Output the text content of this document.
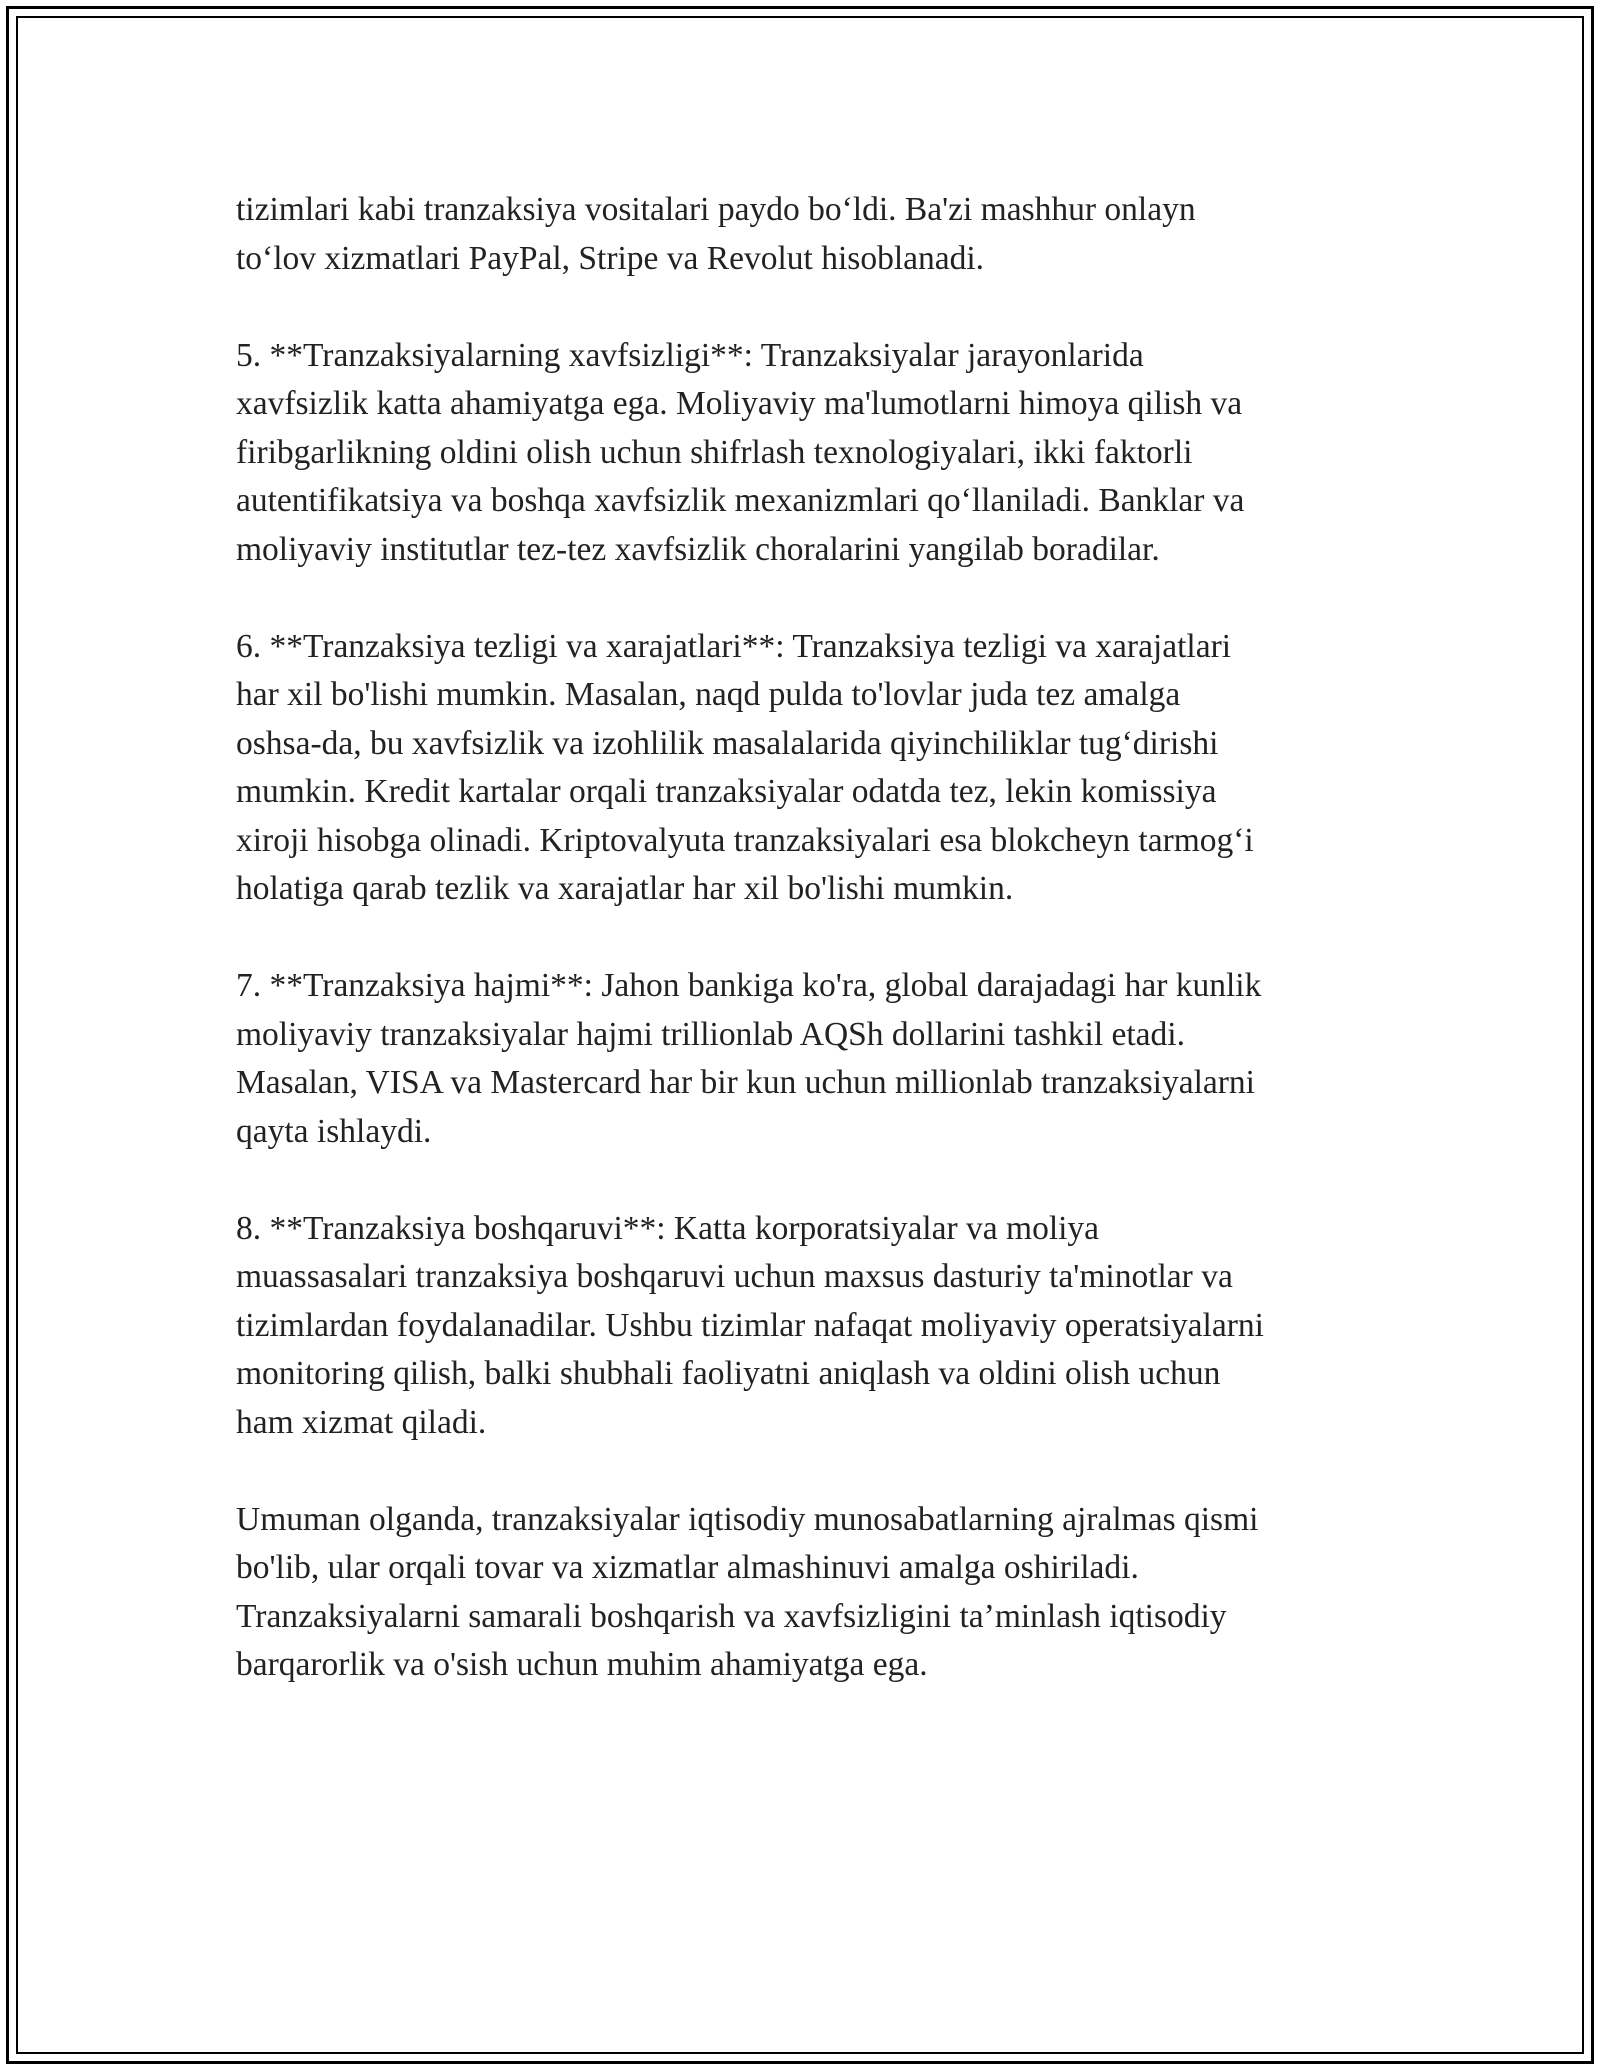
tizimlari kabi tranzaksiya vositalari paydo bo‘ldi. Ba'zi mashhur onlayn
to‘lov xizmatlari PayPal, Stripe va Revolut hisoblanadi.

5. **Tranzaksiyalarning xavfsizligi**: Tranzaksiyalar jarayonlarida
xavfsizlik katta ahamiyatga ega. Moliyaviy ma'lumotlarni himoya qilish va
firibgarlikning oldini olish uchun shifrlash texnologiyalari, ikki faktorli
autentifikatsiya va boshqa xavfsizlik mexanizmlari qo‘llaniladi. Banklar va
moliyaviy institutlar tez-tez xavfsizlik choralarini yangilab boradilar.

6. **Tranzaksiya tezligi va xarajatlari**: Tranzaksiya tezligi va xarajatlari
har xil bo'lishi mumkin. Masalan, naqd pulda to'lovlar juda tez amalga
oshsa-da, bu xavfsizlik va izohlilik masalalarida qiyinchiliklar tug‘dirishi
mumkin. Kredit kartalar orqali tranzaksiyalar odatda tez, lekin komissiya
xiroji hisobga olinadi. Kriptovalyuta tranzaksiyalari esa blokcheyn tarmog‘i
holatiga qarab tezlik va xarajatlar har xil bo'lishi mumkin.

7. **Tranzaksiya hajmi**: Jahon bankiga ko'ra, global darajadagi har kunlik
moliyaviy tranzaksiyalar hajmi trillionlab AQSh dollarini tashkil etadi.
Masalan, VISA va Mastercard har bir kun uchun millionlab tranzaksiyalarni
qayta ishlaydi.

8. **Tranzaksiya boshqaruvi**: Katta korporatsiyalar va moliya
muassasalari tranzaksiya boshqaruvi uchun maxsus dasturiy ta'minotlar va
tizimlardan foydalanadilar. Ushbu tizimlar nafaqat moliyaviy operatsiyalarni
monitoring qilish, balki shubhali faoliyatni aniqlash va oldini olish uchun
ham xizmat qiladi.

Umuman olganda, tranzaksiyalar iqtisodiy munosabatlarning ajralmas qismi
bo'lib, ular orqali tovar va xizmatlar almashinuvi amalga oshiriladi.
Tranzaksiyalarni samarali boshqarish va xavfsizligini ta’minlash iqtisodiy
barqarorlik va o'sish uchun muhim ahamiyatga ega.
